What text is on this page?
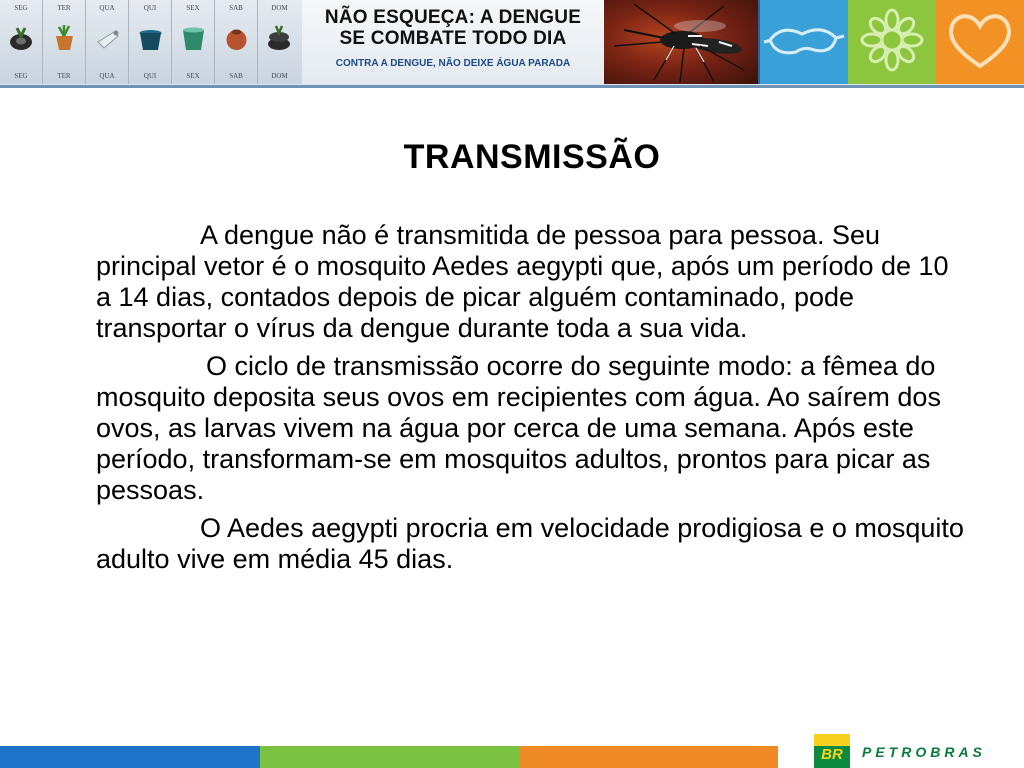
SEG
SEG
TER
TER
QUA
QUA
QUI
QUI
SEX
SEX
SAB
SAB
DOM
DOM
NÃO ESQUEÇA: A DENGUE
SE COMBATE TODO DIA
CONTRA A DENGUE, NÃO DEIXE ÁGUA PARADA
TRANSMISSÃO

A dengue não é transmitida de pessoa para pessoa. Seu principal vetor é o mosquito Aedes aegypti que, após um período de 10 a 14 dias, contados depois de picar alguém contaminado, pode transportar o vírus da dengue durante toda a sua vida.

O ciclo de transmissão ocorre do seguinte modo: a fêmea do mosquito deposita seus ovos em recipientes com água. Ao saírem dos ovos, as larvas vivem na água por cerca de uma semana. Após este período, transformam-se em mosquitos adultos, prontos para picar as pessoas.

O Aedes aegypti procria em velocidade prodigiosa e o mosquito adulto vive em média 45 dias.

BR PETROBRAS
